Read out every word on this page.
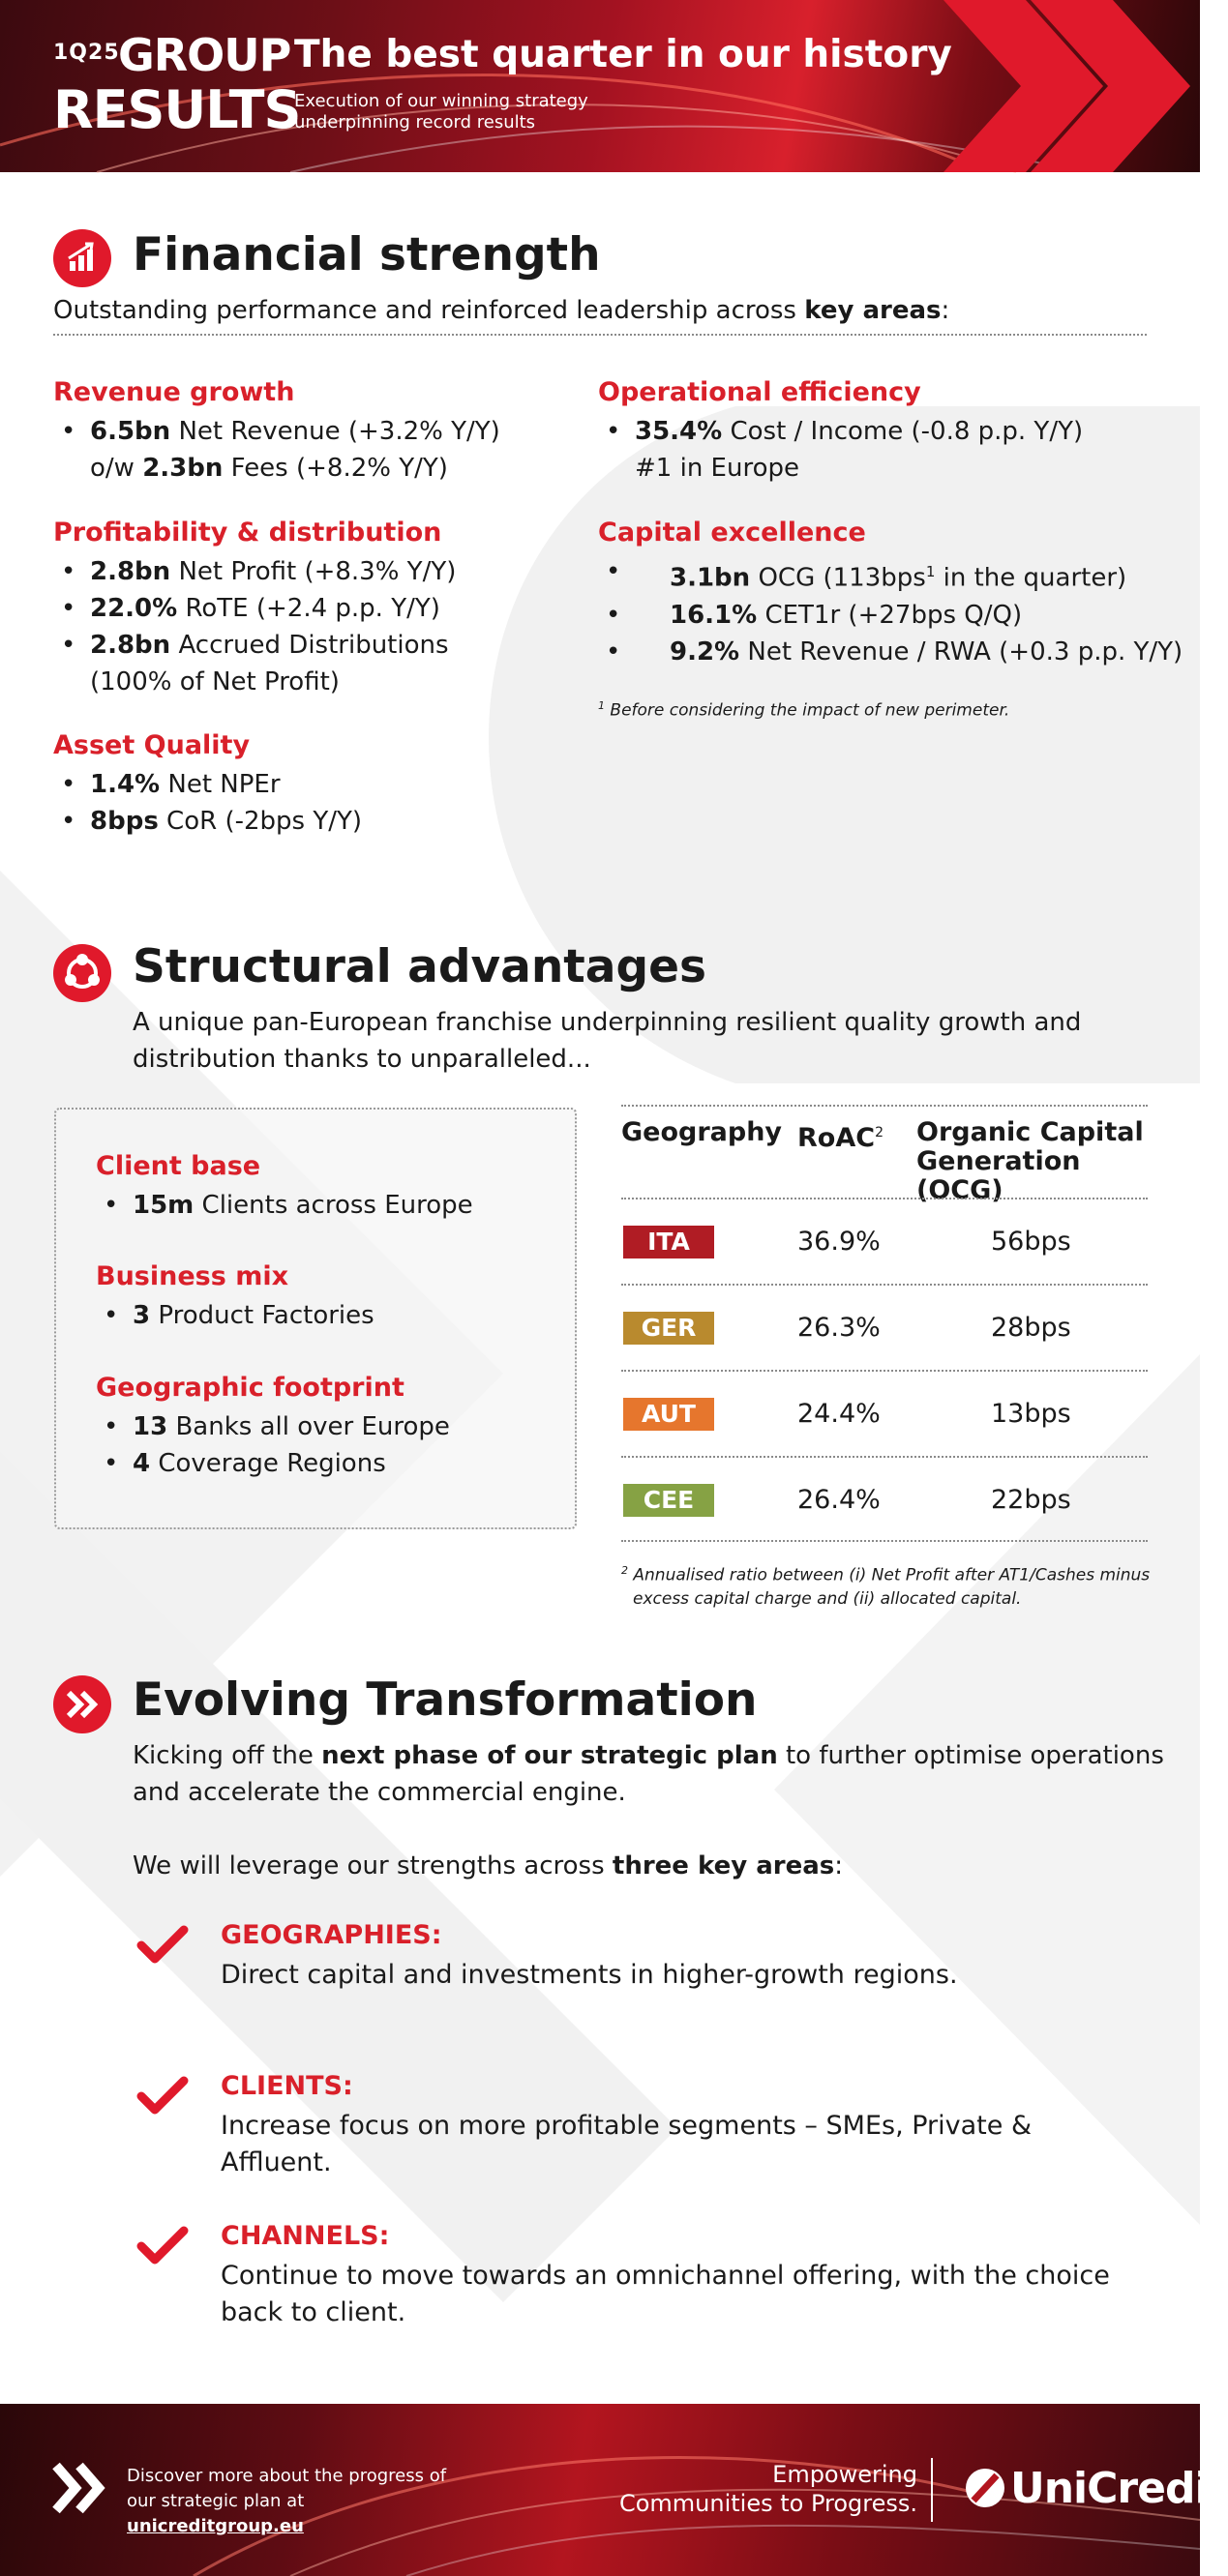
1Q25
GROUP
RESULTS
The best quarter in our history
Execution of our winning strategy
underpinning record results
Financial strength
Outstanding performance and reinforced leadership across key areas:
Revenue growth
• 6.5bn Net Revenue (+3.2% Y/Y)
o/w 2.3bn Fees (+8.2% Y/Y)
Profitability & distribution
• 2.8bn Net Profit (+8.3% Y/Y)
• 22.0% RoTE (+2.4 p.p. Y/Y)
• 2.8bn Accrued Distributions
(100% of Net Profit)
Asset Quality
• 1.4% Net NPEr
• 8bps CoR (-2bps Y/Y)
Operational efficiency
• 35.4% Cost / Income (-0.8 p.p. Y/Y)
#1 in Europe
Capital excellence
• 3.1bn OCG (113bps$^1$ in the quarter)
• 16.1% CET1r (+27bps Q/Q)
• 9.2% Net Revenue / RWA (+0.3 p.p. Y/Y)
$^1$ Before considering the impact of new perimeter.
Structural advantages
A unique pan-European franchise underpinning resilient quality growth and
distribution thanks to unparalleled...
Client base
• 15m Clients across Europe
Business mix
• 3 Product Factories
Geographic footprint
• 13 Banks all over Europe
• 4 Coverage Regions
Geography RoAC$^2$ Organic Capital
Generation (OCG)
ITA	36.9%	56bps
GER	26.3%	28bps
AUT	24.4%	13bps
CEE	26.4%	22bps
$^2$ Annualised ratio between (i) Net Profit after AT1/Cashes minus
excess capital charge and (ii) allocated capital.
Evolving Transformation
Kicking off the next phase of our strategic plan to further optimise operations
and accelerate the commercial engine.
We will leverage our strengths across three key areas:
GEOGRAPHIES:
Direct capital and investments in higher-growth regions.
CLIENTS:
Increase focus on more profitable segments – SMEs, Private & Affluent.
CHANNELS:
Continue to move towards an omnichannel offering, with the choice back to client.
Discover more about the progress of
our strategic plan at unicreditgroup.eu
Empowering
Communities to Progress. UniCredit
